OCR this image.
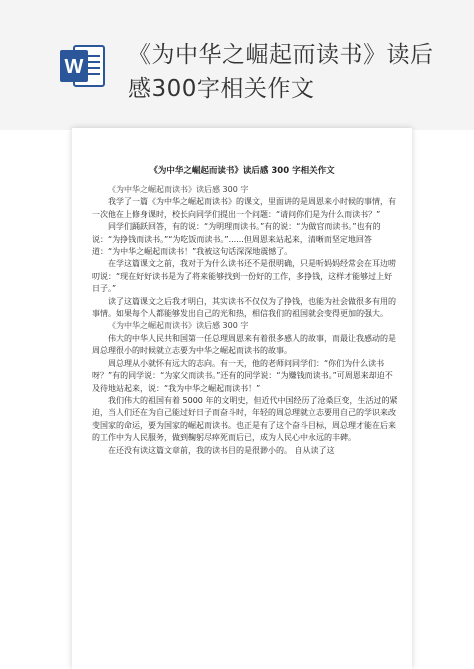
W 《为中华之崛起而读书》读后
感300字相关作文
《为中华之崛起而读书》读后感 300 字相关作文

《为中华之崛起而读书》读后感 300 字

我学了一篇《为中华之崛起而读书》的课文，里面讲的是周恩来小时候的事情，有一次他在上修身课时，校长向同学们提出一个问题：“请问你们是为什么而读书？”

同学们踊跃回答，有的说：“为明理而读书。”有的说：“为做官而读书。”也有的说：“为挣钱而读书。”“为吃饭而读书。”......但周恩来站起来，清晰而坚定地回答道：“为中华之崛起而读书！”我被这句话深深地震憾了。

在学这篇课文之前，我对于为什么读书还不是很明确，只是听妈妈经常会在耳边唠叨说：“现在好好读书是为了将来能够找到一份好的工作，多挣钱，这样才能够过上好日子。”

读了这篇课文之后我才明白，其实读书不仅仅为了挣钱，也能为社会做很多有用的事情。如果每个人都能够发出自己的光和热，相信我们的祖国就会变得更加的强大。

《为中华之崛起而读书》读后感 300 字

伟大的中华人民共和国第一任总理周恩来有着很多感人的故事，而最让我感动的是周总理很小的时候就立志要为中华之崛起而读书的故事。

周总理从小就怀有远大的志向。有一天，他的老师问同学们：“你们为什么读书呀？”有的同学说：“为家父而读书。”还有的同学说：“为赚钱而读书。”可周恩来却迫不及待地站起来，说：“我为中华之崛起而读书！”

我们伟大的祖国有着 5000 年的文明史，但近代中国经历了沧桑巨变，生活过的紧迫，当人们还在为自己能过好日子而奋斗时，年轻的周总理就立志要用自己的学识来改变国家的命运，要为国家的崛起而读书。也正是有了这个奋斗目标，周总理才能在后来的工作中为人民服务，做到鞠躬尽瘁死而后已，成为人民心中永远的丰碑。

在还没有读这篇文章前，我的读书目的是很渺小的。 自从读了这
